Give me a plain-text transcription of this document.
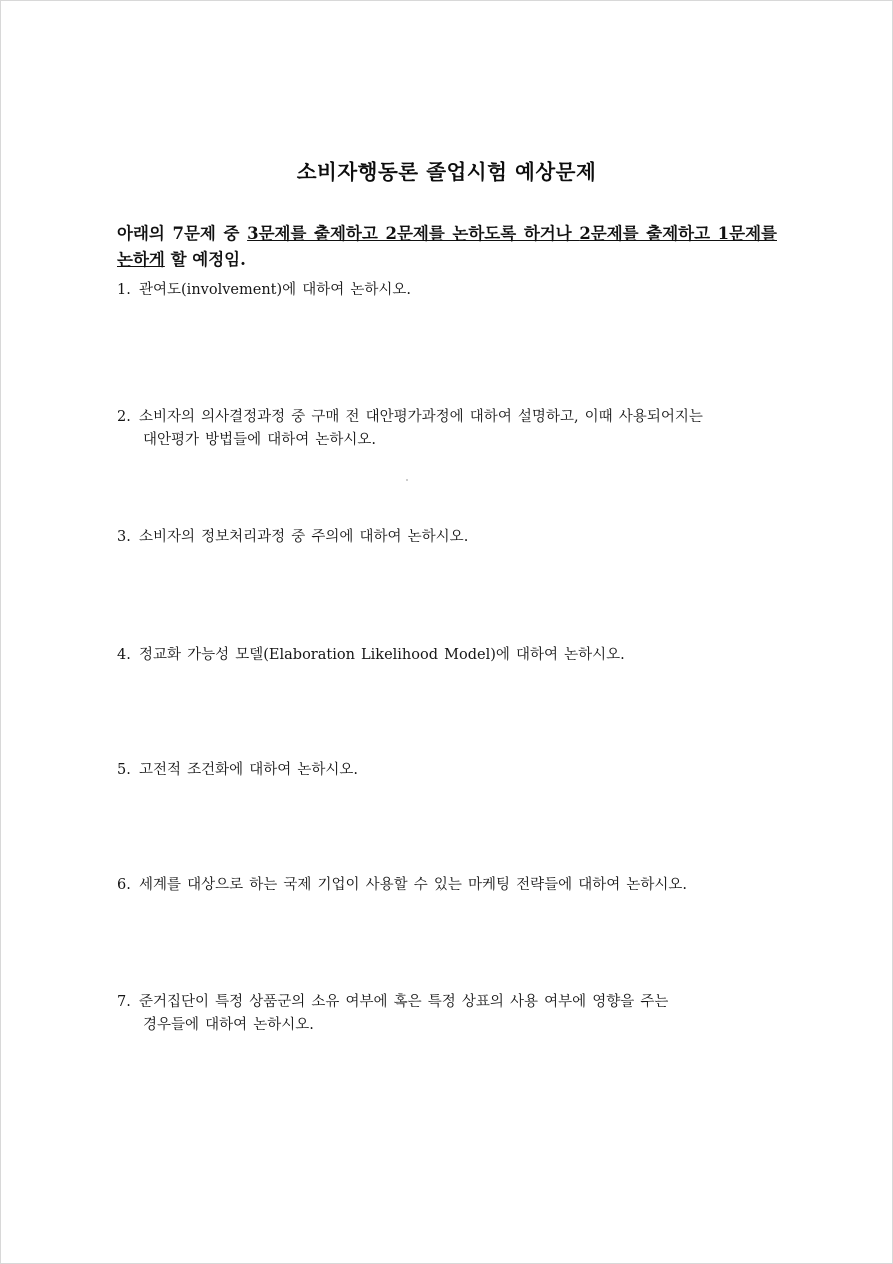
소비자행동론 졸업시험 예상문제

아래의 7문제 중 3문제를 출제하고 2문제를 논하도록 하거나 2문제를 출제하고 1문제를 논하게 할 예정임.

1. 관여도(involvement)에 대하여 논하시오.
2. 소비자의 의사결정과정 중 구매 전 대안평가과정에 대하여 설명하고, 이때 사용되어지는
대안평가 방법들에 대하여 논하시오.
3. 소비자의 정보처리과정 중 주의에 대하여 논하시오.
4. 정교화 가능성 모델(Elaboration Likelihood Model)에 대하여 논하시오.
5. 고전적 조건화에 대하여 논하시오.
6. 세계를 대상으로 하는 국제 기업이 사용할 수 있는 마케팅 전략들에 대하여 논하시오.
7. 준거집단이 특정 상품군의 소유 여부에 혹은 특정 상표의 사용 여부에 영향을 주는
경우들에 대하여 논하시오.
